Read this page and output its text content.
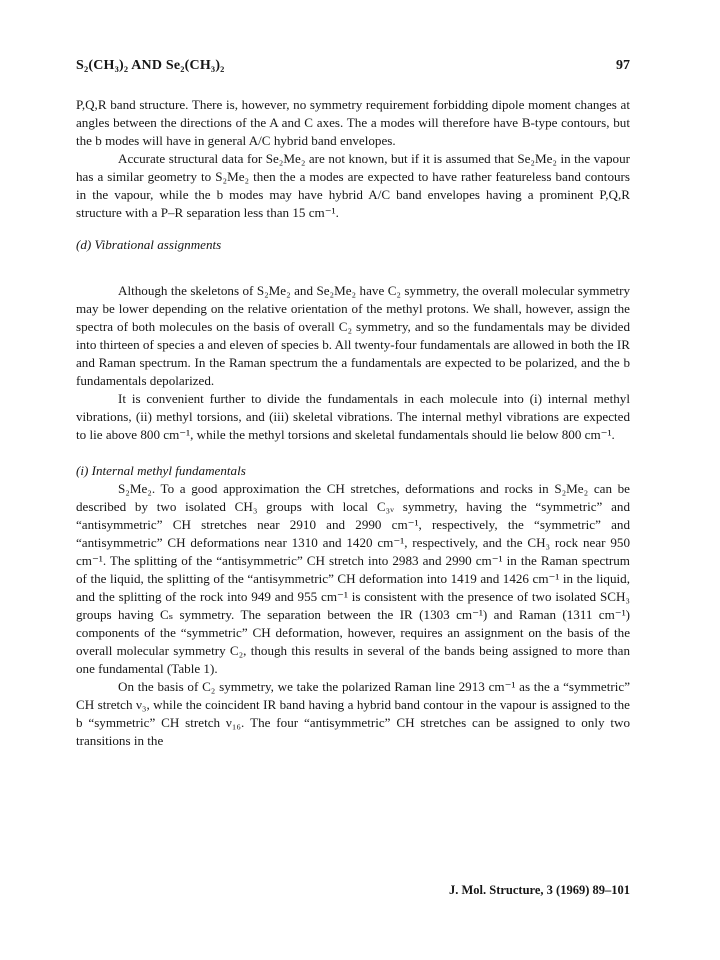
S₂(CH₃)₂ AND Se₂(CH₃)₂	97

P,Q,R band structure. There is, however, no symmetry requirement forbidding dipole moment changes at angles between the directions of the A and C axes. The a modes will therefore have B-type contours, but the b modes will have in general A/C hybrid band envelopes.

Accurate structural data for Se₂Me₂ are not known, but if it is assumed that Se₂Me₂ in the vapour has a similar geometry to S₂Me₂ then the a modes are expected to have rather featureless band contours in the vapour, while the b modes may have hybrid A/C band envelopes having a prominent P,Q,R structure with a P–R separation less than 15 cm⁻¹.

(d) Vibrational assignments

Although the skeletons of S₂Me₂ and Se₂Me₂ have C₂ symmetry, the overall molecular symmetry may be lower depending on the relative orientation of the methyl protons. We shall, however, assign the spectra of both molecules on the basis of overall C₂ symmetry, and so the fundamentals may be divided into thirteen of species a and eleven of species b. All twenty-four fundamentals are allowed in both the IR and Raman spectrum. In the Raman spectrum the a fundamentals are expected to be polarized, and the b fundamentals depolarized.

It is convenient further to divide the fundamentals in each molecule into (i) internal methyl vibrations, (ii) methyl torsions, and (iii) skeletal vibrations. The internal methyl vibrations are expected to lie above 800 cm⁻¹, while the methyl torsions and skeletal fundamentals should lie below 800 cm⁻¹.

(i) Internal methyl fundamentals

S₂Me₂. To a good approximation the CH stretches, deformations and rocks in S₂Me₂ can be described by two isolated CH₃ groups with local C₃ᵥ symmetry, having the “symmetric” and “antisymmetric” CH stretches near 2910 and 2990 cm⁻¹, respectively, the “symmetric” and “antisymmetric” CH deformations near 1310 and 1420 cm⁻¹, respectively, and the CH₃ rock near 950 cm⁻¹. The splitting of the “antisymmetric” CH stretch into 2983 and 2990 cm⁻¹ in the Raman spectrum of the liquid, the splitting of the “antisymmetric” CH deformation into 1419 and 1426 cm⁻¹ in the liquid, and the splitting of the rock into 949 and 955 cm⁻¹ is consistent with the presence of two isolated SCH₃ groups having Cₛ symmetry. The separation between the IR (1303 cm⁻¹) and Raman (1311 cm⁻¹) components of the “symmetric” CH deformation, however, requires an assignment on the basis of the overall molecular symmetry C₂, though this results in several of the bands being assigned to more than one fundamental (Table 1).

On the basis of C₂ symmetry, we take the polarized Raman line 2913 cm⁻¹ as the a “symmetric” CH stretch ν₃, while the coincident IR band having a hybrid band contour in the vapour is assigned to the b “symmetric” CH stretch ν₁₆. The four “antisymmetric” CH stretches can be assigned to only two transitions in the

J. Mol. Structure, 3 (1969) 89–101
